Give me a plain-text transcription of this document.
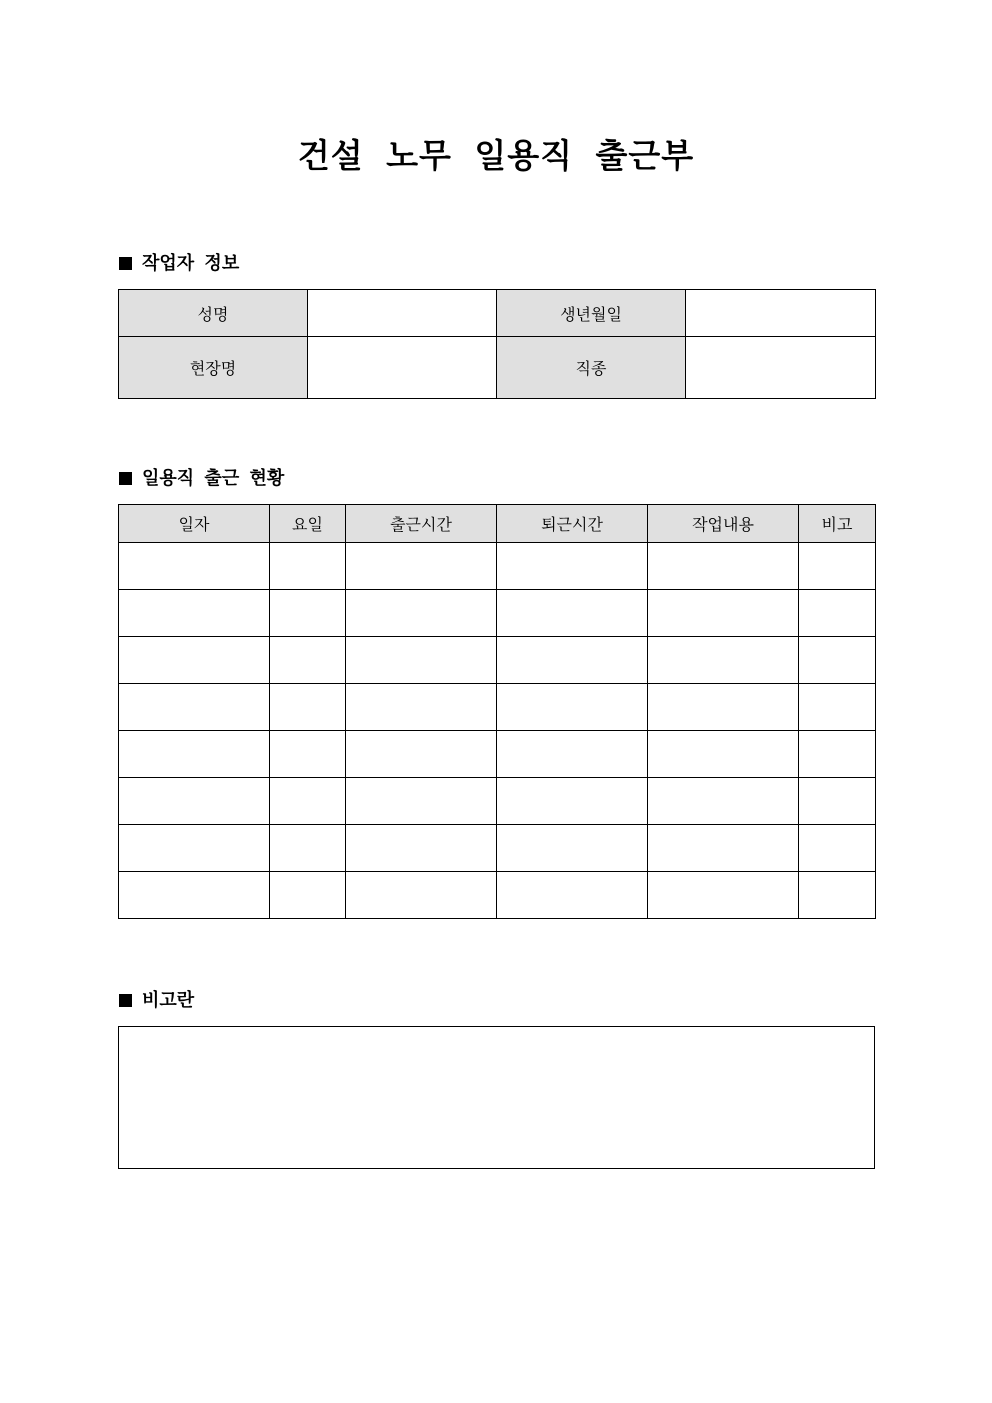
건설 노무 일용직 출근부
작업자 정보
성명		생년월일	
현장명		직종	
일용직 출근 현황
일자	요일	출근시간	퇴근시간	작업내용	비고

비고란
